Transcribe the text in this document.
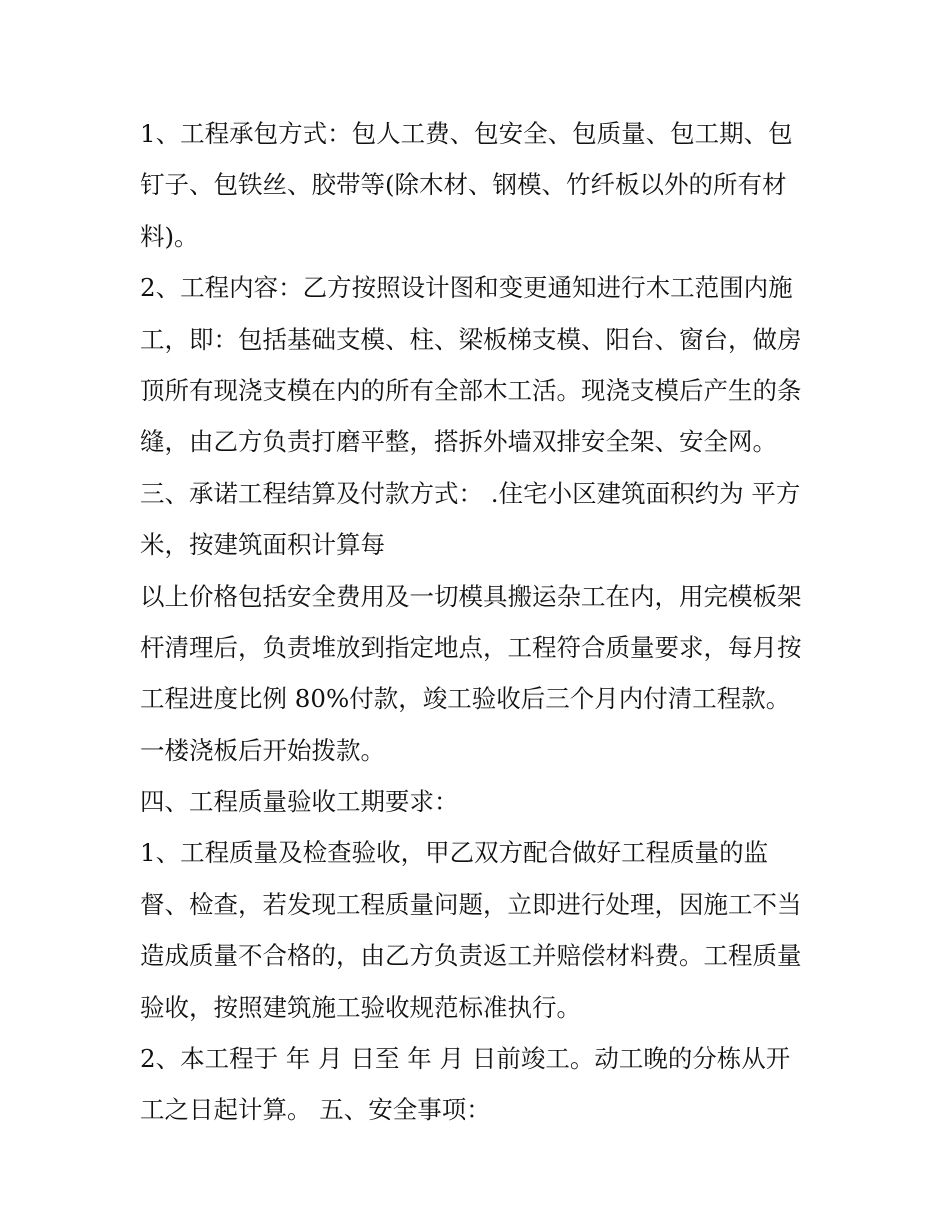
1、工程承包方式：包人工费、包安全、包质量、包工期、包
钉子、包铁丝、胶带等(除木材、钢模、竹纤板以外的所有材
料)。
2、工程内容：乙方按照设计图和变更通知进行木工范围内施
工，即：包括基础支模、柱、梁板梯支模、阳台、窗台，做房
顶所有现浇支模在内的所有全部木工活。现浇支模后产生的条
缝，由乙方负责打磨平整，搭拆外墙双排安全架、安全网。
三、承诺工程结算及付款方式： .住宅小区建筑面积约为 平方
米，按建筑面积计算每
以上价格包括安全费用及一切模具搬运杂工在内，用完模板架
杆清理后，负责堆放到指定地点，工程符合质量要求，每月按
工程进度比例 80%付款，竣工验收后三个月内付清工程款。
一楼浇板后开始拨款。
四、工程质量验收工期要求：
1、工程质量及检查验收，甲乙双方配合做好工程质量的监
督、检查，若发现工程质量问题，立即进行处理，因施工不当
造成质量不合格的，由乙方负责返工并赔偿材料费。工程质量
验收，按照建筑施工验收规范标准执行。
2、本工程于 年 月 日至 年 月 日前竣工。动工晚的分栋从开
工之日起计算。 五、安全事项：
